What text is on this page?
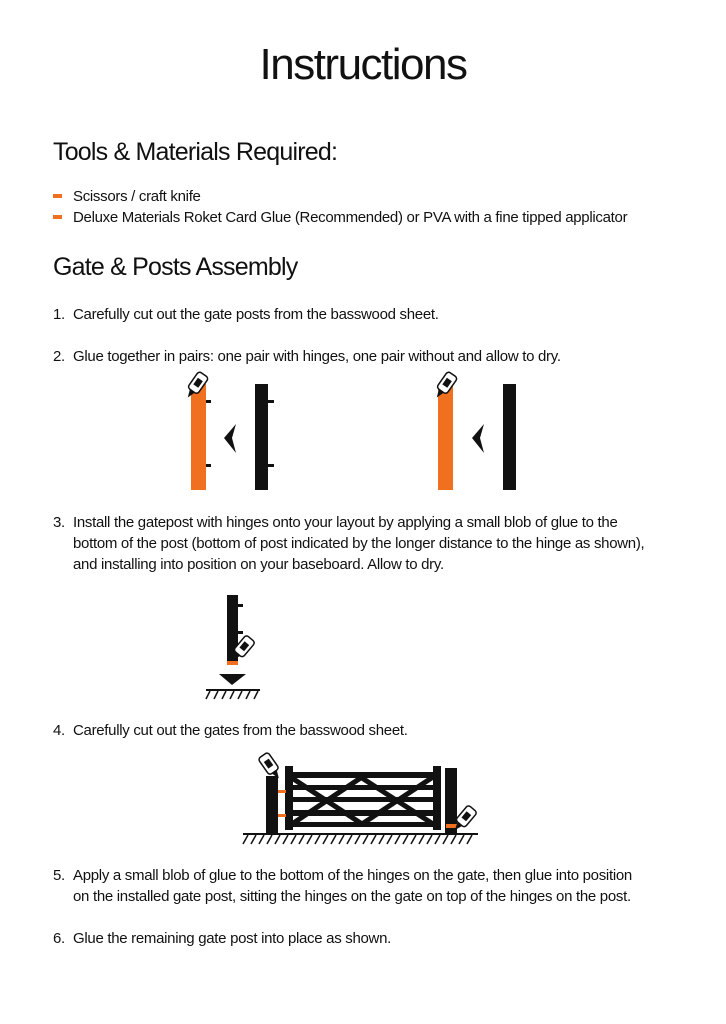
Instructions
Tools & Materials Required:
Scissors / craft knife
Deluxe Materials Roket Card Glue (Recommended) or PVA with a fine tipped applicator
Gate & Posts Assembly
1. Carefully cut out the gate posts from the basswood sheet.
2. Glue together in pairs: one pair with hinges, one pair without and allow to dry.
3. Install the gatepost with hinges onto your layout by applying a small blob of glue to the
bottom of the post (bottom of post indicated by the longer distance to the hinge as shown),
and installing into position on your baseboard. Allow to dry.
4. Carefully cut out the gates from the basswood sheet.
5. Apply a small blob of glue to the bottom of the hinges on the gate, then glue into position
on the installed gate post, sitting the hinges on the gate on top of the hinges on the post.
6. Glue the remaining gate post into place as shown.
